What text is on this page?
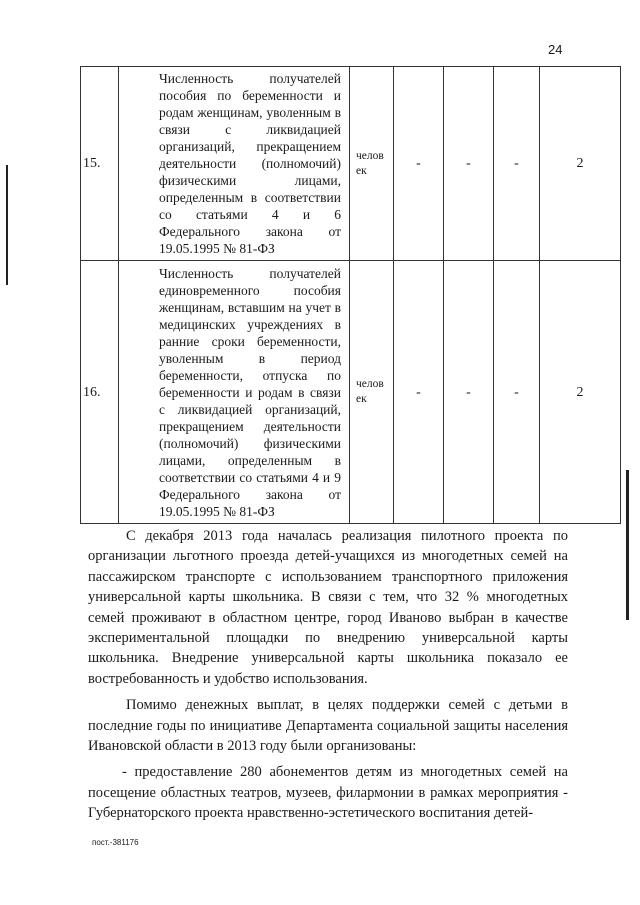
24
15.	Численность получателей пособия по беременности и родам женщинам, уволенным в связи с ликвидацией организаций, прекращением деятельности (полномочий) физическими лицами, определенным в соответствии со статьями 4 и 6 Федерального закона от
19.05.1995 № 81-ФЗ	челов ек	-	-	-	2
16.	Численность получателей единовременного пособия женщинам, вставшим на учет в медицинских учреждениях в ранние сроки беременности, уволенным в период беременности, отпуска по беременности и родам в связи с ликвидацией организаций, прекращением деятельности (полномочий) физическими лицами, определенным в соответствии со статьями 4 и 9 Федерального закона от
19.05.1995 № 81-ФЗ	челов ек	-	-	-	2

С декабря 2013 года началась реализация пилотного проекта по организации льготного проезда детей-учащихся из многодетных семей на пассажирском транспорте с использованием транспортного приложения универсальной карты школьника. В связи с тем, что 32 % многодетных семей проживают в областном центре, город Иваново выбран в качестве экспериментальной площадки по внедрению универсальной карты школьника. Внедрение универсальной карты школьника показало ее востребованность и удобство использования.

Помимо денежных выплат, в целях поддержки семей с детьми в последние годы по инициативе Департамента социальной защиты населения Ивановской области в 2013 году были организованы:

- предоставление 280 абонементов детям из многодетных семей на посещение областных театров, музеев, филармонии в рамках мероприятия - Губернаторского проекта нравственно-эстетического воспитания детей-

пост.-381176
